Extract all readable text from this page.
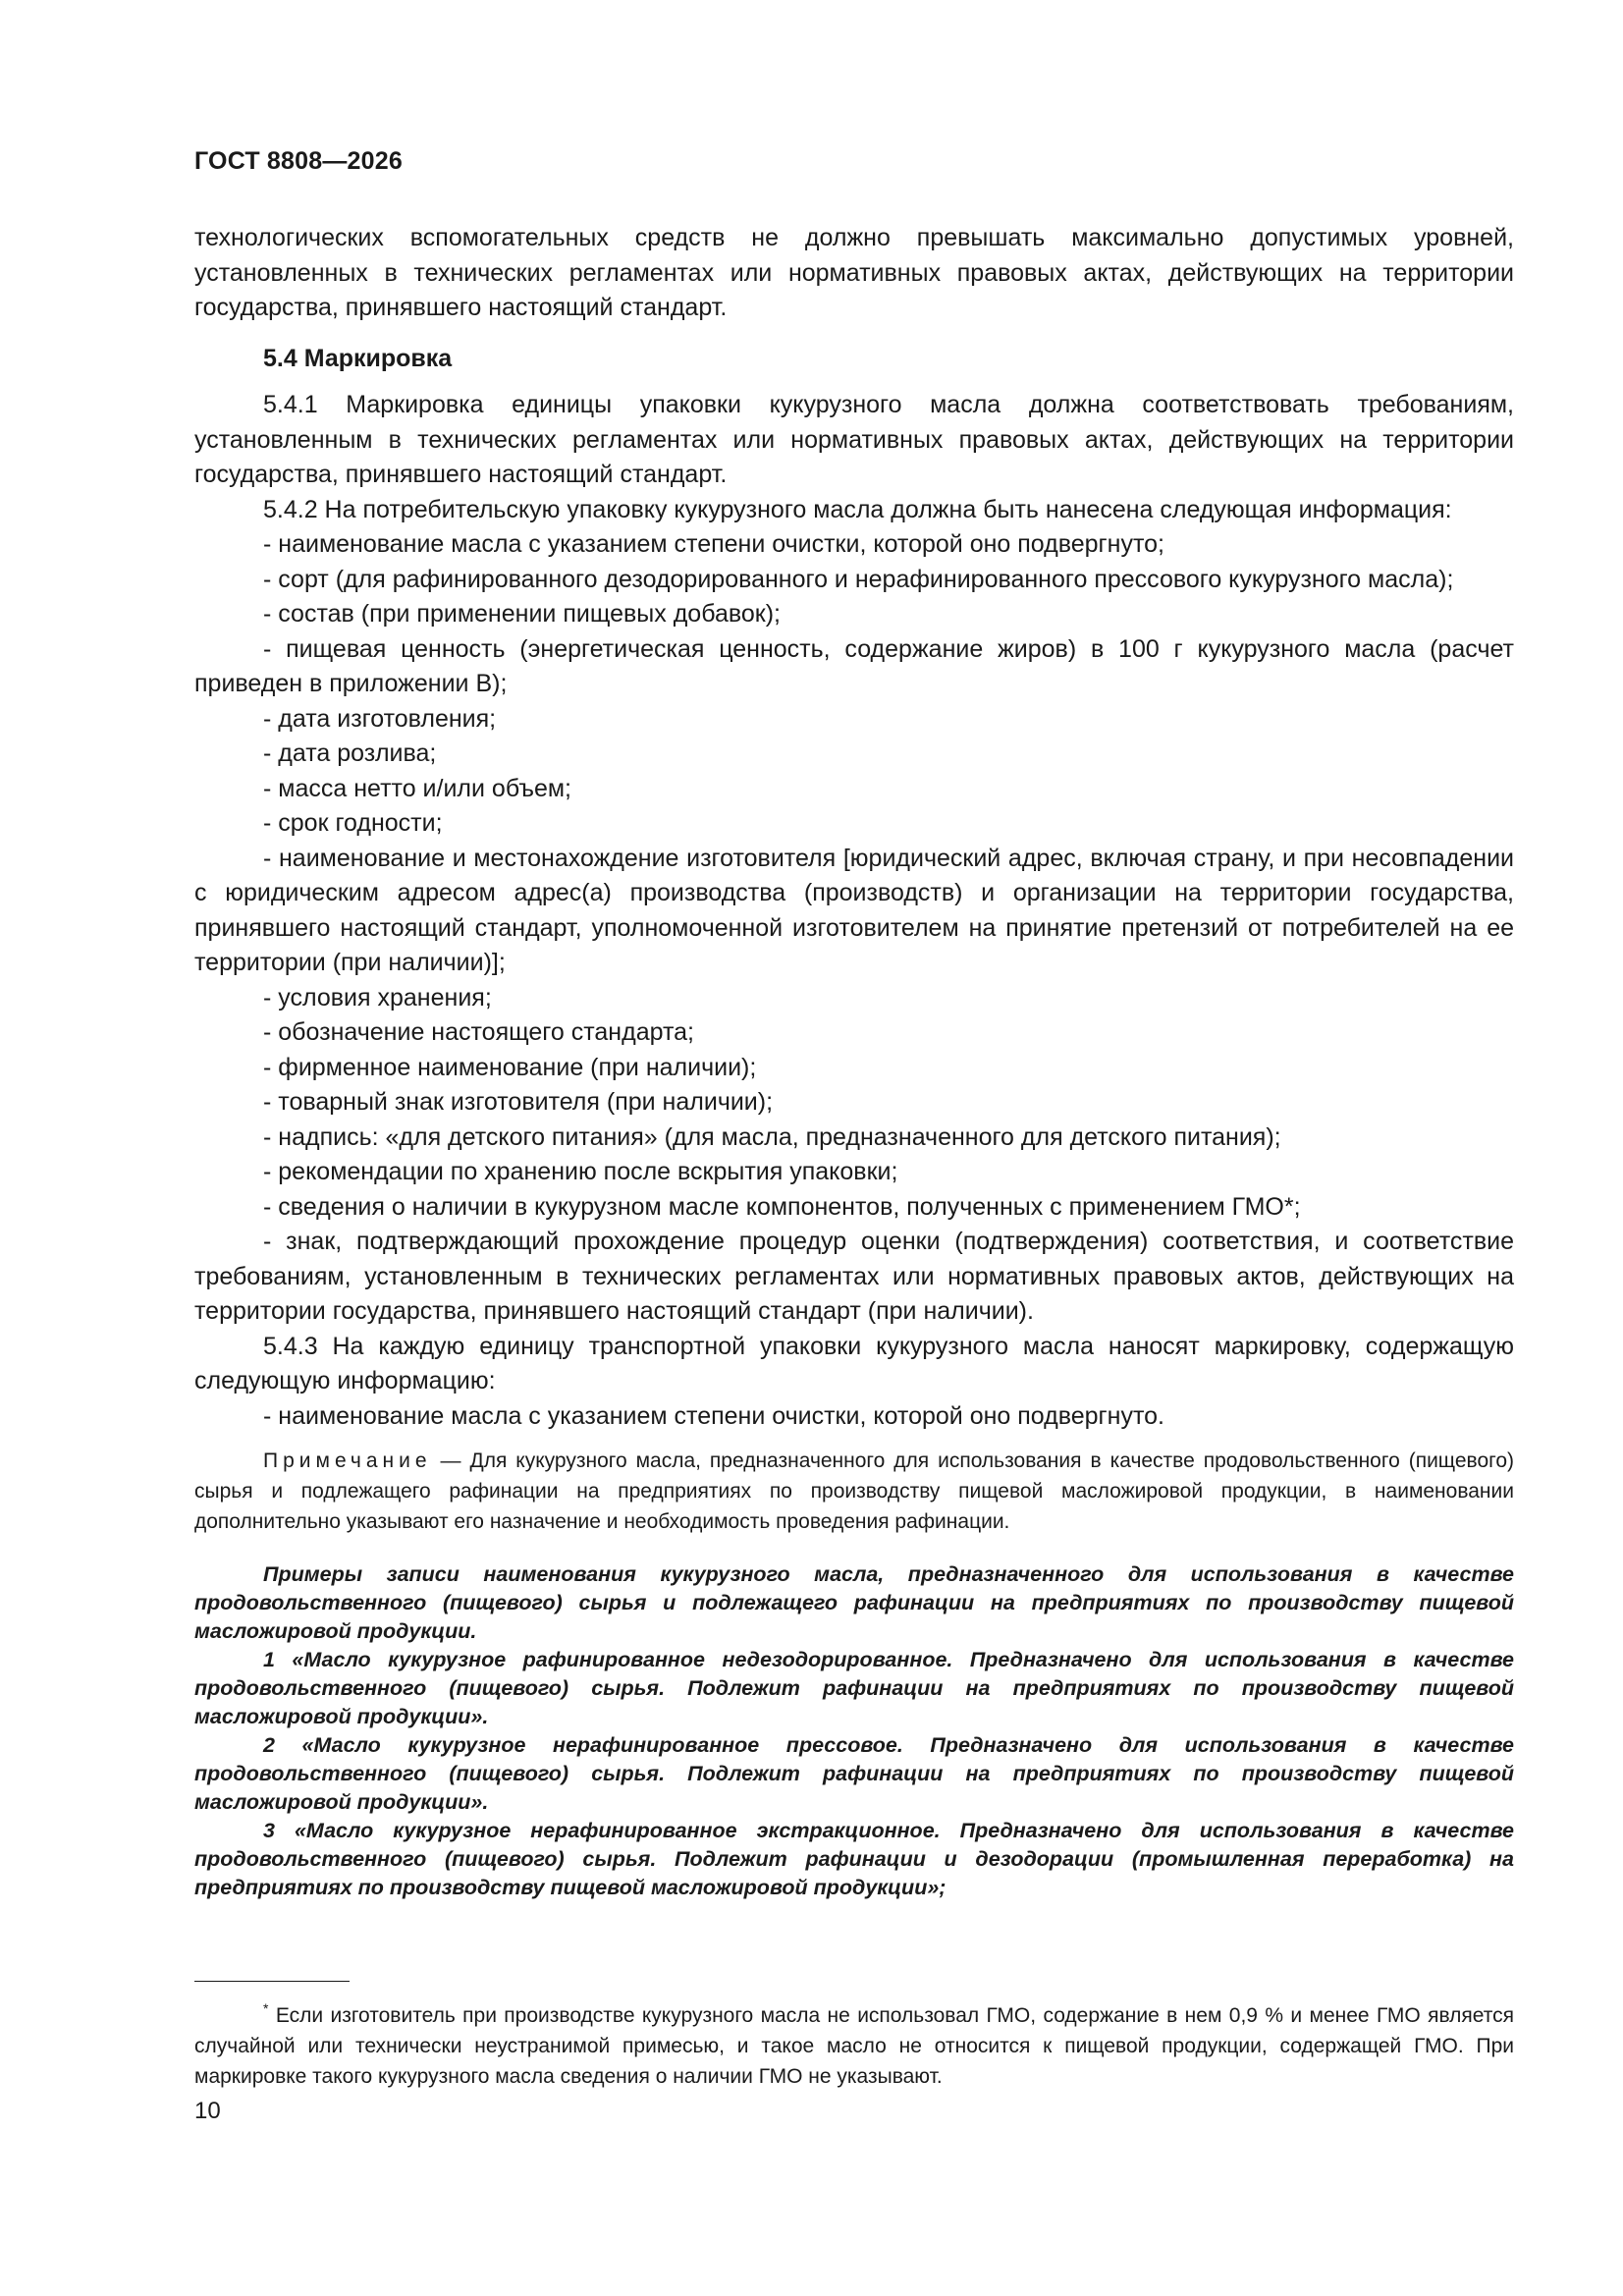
ГОСТ 8808—2026

технологических вспомогательных средств не должно превышать максимально допустимых уровней, установленных в технических регламентах или нормативных правовых актах, действующих на территории государства, принявшего настоящий стандарт.

5.4 Маркировка

5.4.1 Маркировка единицы упаковки кукурузного масла должна соответствовать требованиям, установленным в технических регламентах или нормативных правовых актах, действующих на территории государства, принявшего настоящий стандарт.

5.4.2 На потребительскую упаковку кукурузного масла должна быть нанесена следующая информация:

- наименование масла с указанием степени очистки, которой оно подвергнуто;

- сорт (для рафинированного дезодорированного и нерафинированного прессового кукурузного масла);

- состав (при применении пищевых добавок);

- пищевая ценность (энергетическая ценность, содержание жиров) в 100 г кукурузного масла (расчет приведен в приложении В);

- дата изготовления;

- дата розлива;

- масса нетто и/или объем;

- срок годности;

- наименование и местонахождение изготовителя [юридический адрес, включая страну, и при несовпадении с юридическим адресом адрес(а) производства (производств) и организации на территории государства, принявшего настоящий стандарт, уполномоченной изготовителем на принятие претензий от потребителей на ее территории (при наличии)];

- условия хранения;

- обозначение настоящего стандарта;

- фирменное наименование (при наличии);

- товарный знак изготовителя (при наличии);

- надпись: «для детского питания» (для масла, предназначенного для детского питания);

- рекомендации по хранению после вскрытия упаковки;

- сведения о наличии в кукурузном масле компонентов, полученных с применением ГМО*;

- знак, подтверждающий прохождение процедур оценки (подтверждения) соответствия, и соответствие требованиям, установленным в технических регламентах или нормативных правовых актов, действующих на территории государства, принявшего настоящий стандарт (при наличии).

5.4.3 На каждую единицу транспортной упаковки кукурузного масла наносят маркировку, содержащую следующую информацию:

- наименование масла с указанием степени очистки, которой оно подвергнуто.

Примечание — Для кукурузного масла, предназначенного для использования в качестве продовольственного (пищевого) сырья и подлежащего рафинации на предприятиях по производству пищевой масложировой продукции, в наименовании дополнительно указывают его назначение и необходимость проведения рафинации.

Примеры записи наименования кукурузного масла, предназначенного для использования в качестве продовольственного (пищевого) сырья и подлежащего рафинации на предприятиях по производству пищевой масложировой продукции.

1 «Масло кукурузное рафинированное недезодорированное. Предназначено для использования в качестве продовольственного (пищевого) сырья. Подлежит рафинации на предприятиях по производству пищевой масложировой продукции».

2 «Масло кукурузное нерафинированное прессовое. Предназначено для использования в качестве продовольственного (пищевого) сырья. Подлежит рафинации на предприятиях по производству пищевой масложировой продукции».

3 «Масло кукурузное нерафинированное экстракционное. Предназначено для использования в качестве продовольственного (пищевого) сырья. Подлежит рафинации и дезодорации (промышленная переработка) на предприятиях по производству пищевой масложировой продукции»;

* Если изготовитель при производстве кукурузного масла не использовал ГМО, содержание в нем 0,9 % и менее ГМО является случайной или технически неустранимой примесью, и такое масло не относится к пищевой продукции, содержащей ГМО. При маркировке такого кукурузного масла сведения о наличии ГМО не указывают.

10
